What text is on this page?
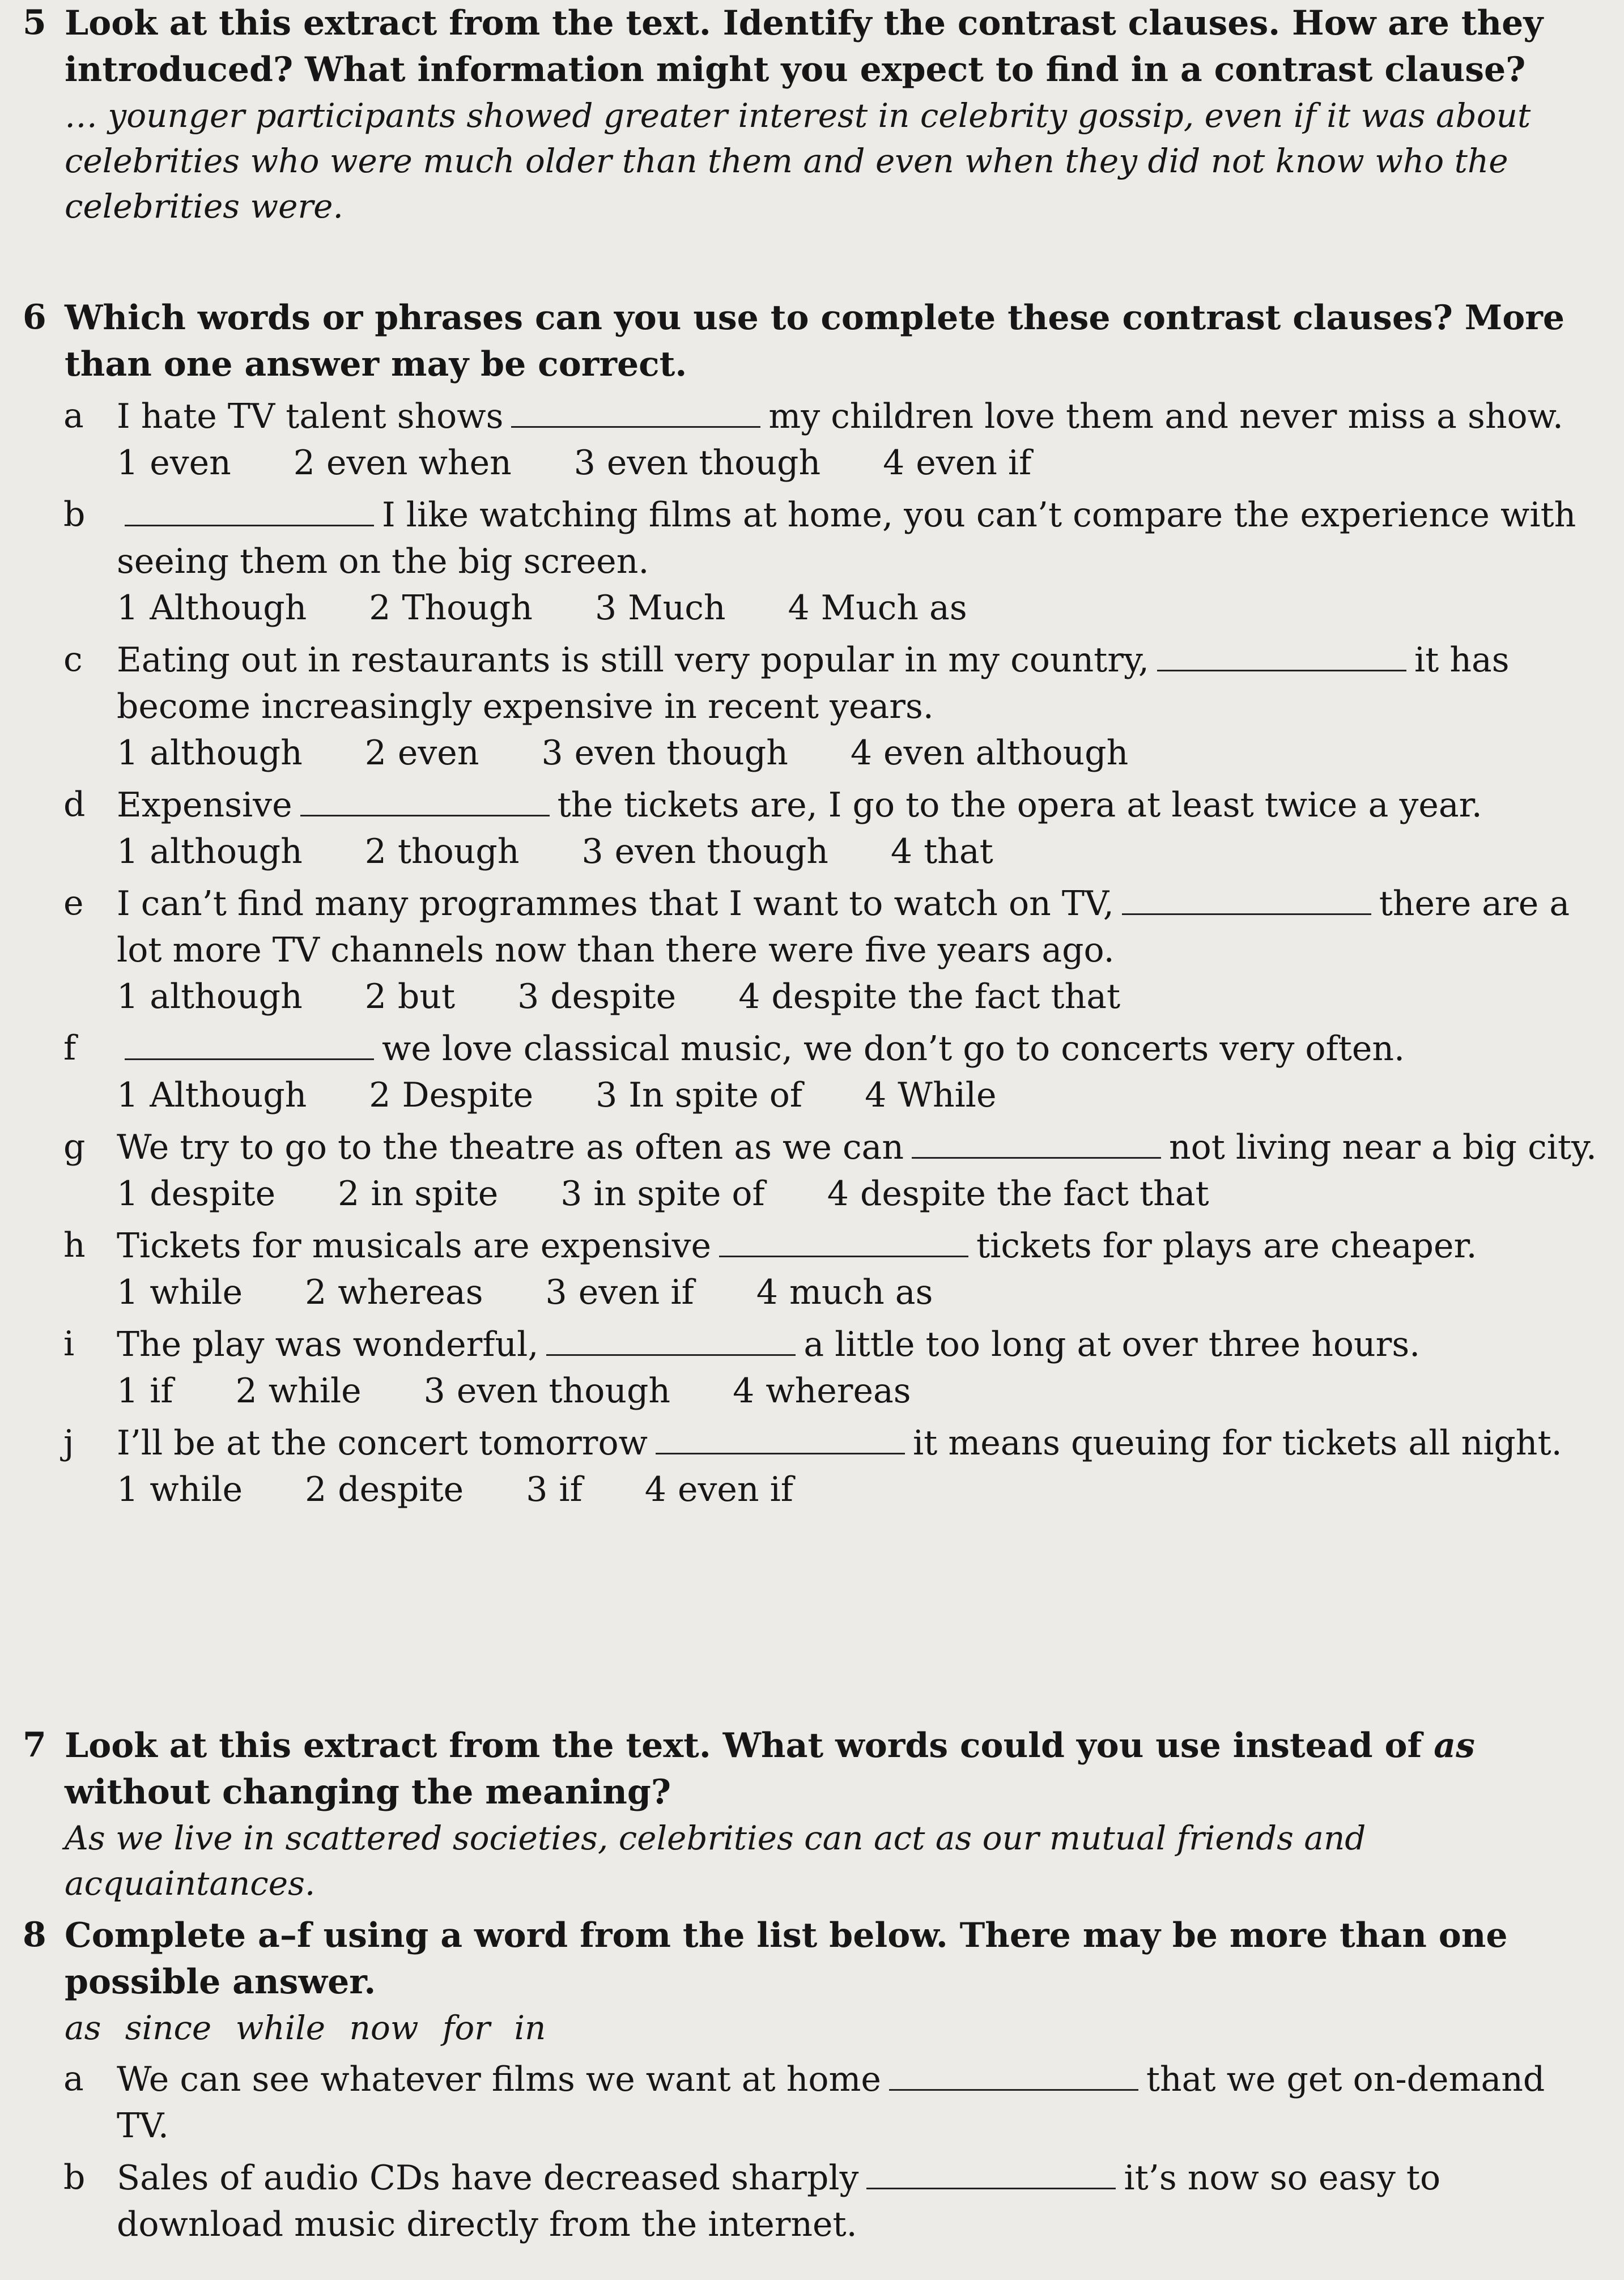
5 Look at this extract from the text. Identify the contrast clauses. How are they introduced? What information might you expect to find in a contrast clause?
… younger participants showed greater interest in celebrity gossip, even if it was about celebrities who were much older than them and even when they did not know who the celebrities were.
6 Which words or phrases can you use to complete these contrast clauses? More than one answer may be correct.
a I hate TV talent shows	my children love them and never miss a show.
1 even 2 even when 3 even though 4 even if
b	I like watching films at home, you can’t compare the experience with seeing them on the big screen.
1 Although 2 Though 3 Much 4 Much as
c Eating out in restaurants is still very popular in my country,	it has become increasingly expensive in recent years.
1 although 2 even 3 even though 4 even although
d Expensive	the tickets are, I go to the opera at least twice a year.
1 although 2 though 3 even though 4 that
e I can’t find many programmes that I want to watch on TV,	there are a lot more TV channels now than there were five years ago.
1 although 2 but 3 despite 4 despite the fact that
f	we love classical music, we don’t go to concerts very often.
1 Although 2 Despite 3 In spite of 4 While
g We try to go to the theatre as often as we can	not living near a big city.
1 despite 2 in spite 3 in spite of 4 despite the fact that
h Tickets for musicals are expensive	tickets for plays are cheaper.
1 while 2 whereas 3 even if 4 much as
i The play was wonderful,	a little too long at over three hours.
1 if 2 while 3 even though 4 whereas
j I’ll be at the concert tomorrow	it means queuing for tickets all night.
1 while 2 despite 3 if 4 even if
7 Look at this extract from the text. What words could you use instead of as without changing the meaning?
As we live in scattered societies, celebrities can act as our mutual friends and acquaintances.
8 Complete a–f using a word from the list below. There may be more than one possible answer.
as since while now for in
a We can see whatever films we want at home	that we get on-demand TV.
b Sales of audio CDs have decreased sharply	it’s now so easy to download music directly from the internet.
